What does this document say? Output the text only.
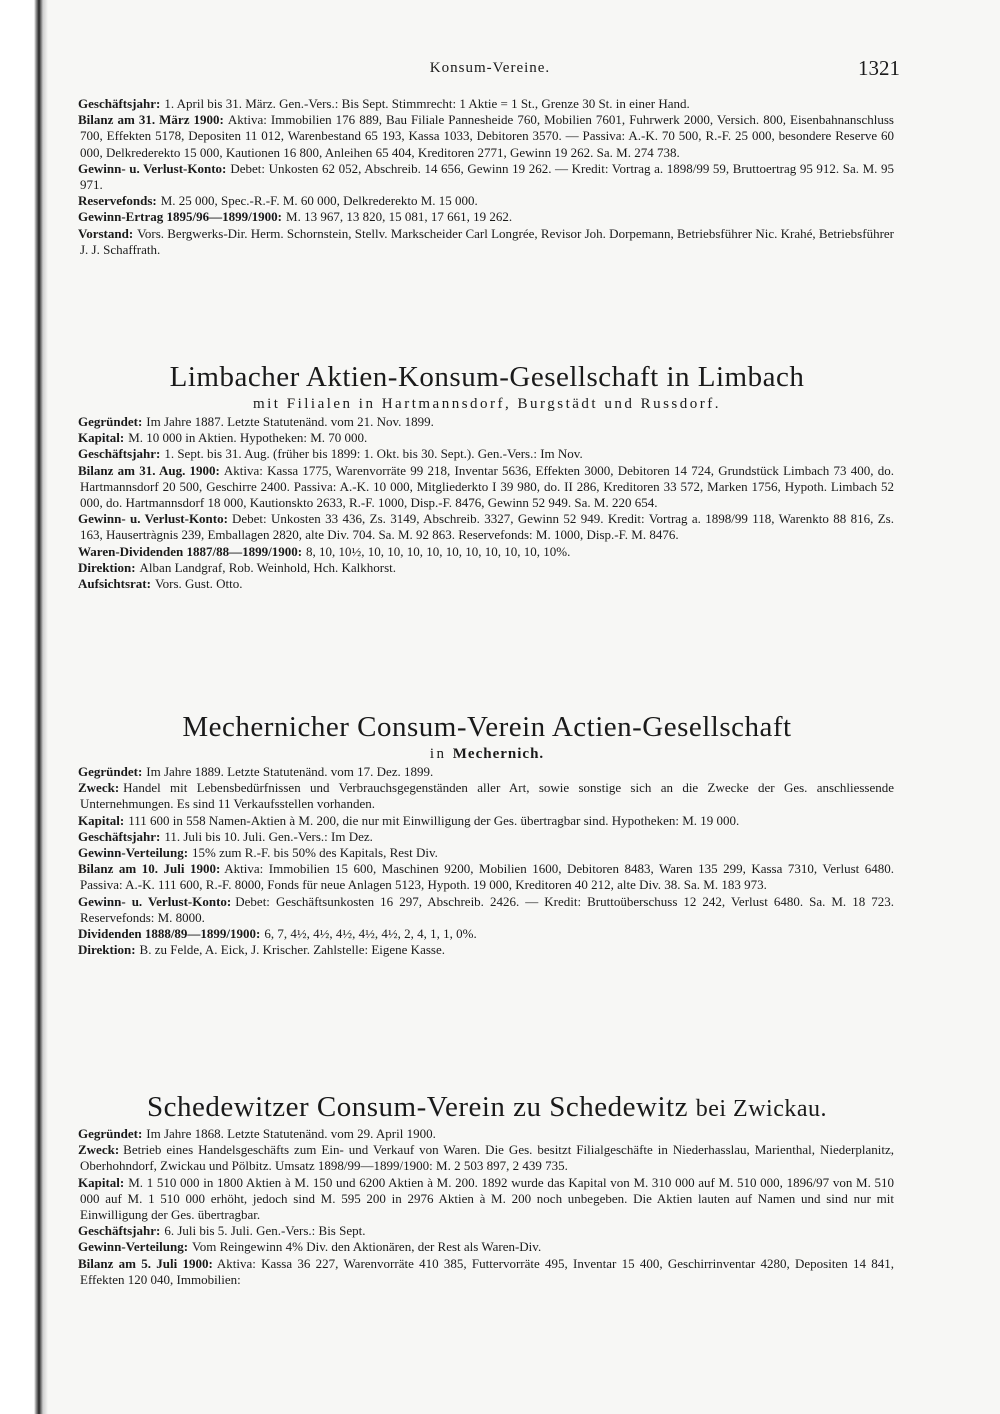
Konsum-Vereine.	1321

Geschäftsjahr: 1. April bis 31. März. Gen.-Vers.: Bis Sept. Stimmrecht: 1 Aktie = 1 St., Grenze 30 St. in einer Hand.

Bilanz am 31. März 1900: Aktiva: Immobilien 176 889, Bau Filiale Pannesheide 760, Mobilien 7601, Fuhrwerk 2000, Versich. 800, Eisenbahnanschluss 700, Effekten 5178, Depositen 11 012, Warenbestand 65 193, Kassa 1033, Debitoren 3570. — Passiva: A.-K. 70 500, R.-F. 25 000, besondere Reserve 60 000, Delkrederekto 15 000, Kautionen 16 800, Anleihen 65 404, Kreditoren 2771, Gewinn 19 262. Sa. M. 274 738.

Gewinn- u. Verlust-Konto: Debet: Unkosten 62 052, Abschreib. 14 656, Gewinn 19 262. — Kredit: Vortrag a. 1898/99 59, Bruttoertrag 95 912. Sa. M. 95 971.

Reservefonds: M. 25 000, Spec.-R.-F. M. 60 000, Delkrederekto M. 15 000.

Gewinn-Ertrag 1895/96—1899/1900: M. 13 967, 13 820, 15 081, 17 661, 19 262.

Vorstand: Vors. Bergwerks-Dir. Herm. Schornstein, Stellv. Markscheider Carl Longrée, Revisor Joh. Dorpemann, Betriebsführer Nic. Krahé, Betriebsführer J. J. Schaffrath.

Limbacher Aktien-Konsum-Gesellschaft in Limbach
mit Filialen in Hartmannsdorf, Burgstädt und Russdorf.

Gegründet: Im Jahre 1887. Letzte Statutenänd. vom 21. Nov. 1899.

Kapital: M. 10 000 in Aktien. Hypotheken: M. 70 000.

Geschäftsjahr: 1. Sept. bis 31. Aug. (früher bis 1899: 1. Okt. bis 30. Sept.). Gen.-Vers.: Im Nov.

Bilanz am 31. Aug. 1900: Aktiva: Kassa 1775, Warenvorräte 99 218, Inventar 5636, Effekten 3000, Debitoren 14 724, Grundstück Limbach 73 400, do. Hartmannsdorf 20 500, Geschirre 2400. Passiva: A.-K. 10 000, Mitgliederkto I 39 980, do. II 286, Kreditoren 33 572, Marken 1756, Hypoth. Limbach 52 000, do. Hartmannsdorf 18 000, Kautionskto 2633, R.-F. 1000, Disp.-F. 8476, Gewinn 52 949. Sa. M. 220 654.

Gewinn- u. Verlust-Konto: Debet: Unkosten 33 436, Zs. 3149, Abschreib. 3327, Gewinn 52 949. Kredit: Vortrag a. 1898/99 118, Warenkto 88 816, Zs. 163, Hausertràgnis 239, Emballagen 2820, alte Div. 704. Sa. M. 92 863. Reservefonds: M. 1000, Disp.-F. M. 8476.

Waren-Dividenden 1887/88—1899/1900: 8, 10, 10½, 10, 10, 10, 10, 10, 10, 10, 10, 10, 10%.

Direktion: Alban Landgraf, Rob. Weinhold, Hch. Kalkhorst.

Aufsichtsrat: Vors. Gust. Otto.

Mechernicher Consum-Verein Actien-Gesellschaft
in Mechernich.

Gegründet: Im Jahre 1889. Letzte Statutenänd. vom 17. Dez. 1899.

Zweck: Handel mit Lebensbedürfnissen und Verbrauchsgegenständen aller Art, sowie sonstige sich an die Zwecke der Ges. anschliessende Unternehmungen. Es sind 11 Verkaufsstellen vorhanden.

Kapital: 111 600 in 558 Namen-Aktien à M. 200, die nur mit Einwilligung der Ges. übertragbar sind. Hypotheken: M. 19 000.

Geschäftsjahr: 11. Juli bis 10. Juli. Gen.-Vers.: Im Dez.

Gewinn-Verteilung: 15% zum R.-F. bis 50% des Kapitals, Rest Div.

Bilanz am 10. Juli 1900: Aktiva: Immobilien 15 600, Maschinen 9200, Mobilien 1600, Debitoren 8483, Waren 135 299, Kassa 7310, Verlust 6480. Passiva: A.-K. 111 600, R.-F. 8000, Fonds für neue Anlagen 5123, Hypoth. 19 000, Kreditoren 40 212, alte Div. 38. Sa. M. 183 973.

Gewinn- u. Verlust-Konto: Debet: Geschäftsunkosten 16 297, Abschreib. 2426. — Kredit: Bruttoüberschuss 12 242, Verlust 6480. Sa. M. 18 723. Reservefonds: M. 8000.

Dividenden 1888/89—1899/1900: 6, 7, 4½, 4½, 4½, 4½, 4½, 2, 4, 1, 1, 0%.

Direktion: B. zu Felde, A. Eick, J. Krischer. Zahlstelle: Eigene Kasse.

Schedewitzer Consum-Verein zu Schedewitz bei Zwickau.

Gegründet: Im Jahre 1868. Letzte Statutenänd. vom 29. April 1900.

Zweck: Betrieb eines Handelsgeschäfts zum Ein- und Verkauf von Waren. Die Ges. besitzt Filialgeschäfte in Niederhasslau, Marienthal, Niederplanitz, Oberhohndorf, Zwickau und Pölbitz. Umsatz 1898/99—1899/1900: M. 2 503 897, 2 439 735.

Kapital: M. 1 510 000 in 1800 Aktien à M. 150 und 6200 Aktien à M. 200. 1892 wurde das Kapital von M. 310 000 auf M. 510 000, 1896/97 von M. 510 000 auf M. 1 510 000 erhöht, jedoch sind M. 595 200 in 2976 Aktien à M. 200 noch unbegeben. Die Aktien lauten auf Namen und sind nur mit Einwilligung der Ges. übertragbar.

Geschäftsjahr: 6. Juli bis 5. Juli. Gen.-Vers.: Bis Sept.

Gewinn-Verteilung: Vom Reingewinn 4% Div. den Aktionären, der Rest als Waren-Div.

Bilanz am 5. Juli 1900: Aktiva: Kassa 36 227, Warenvorräte 410 385, Futtervorräte 495, Inventar 15 400, Geschirrinventar 4280, Depositen 14 841, Effekten 120 040, Immobilien:
